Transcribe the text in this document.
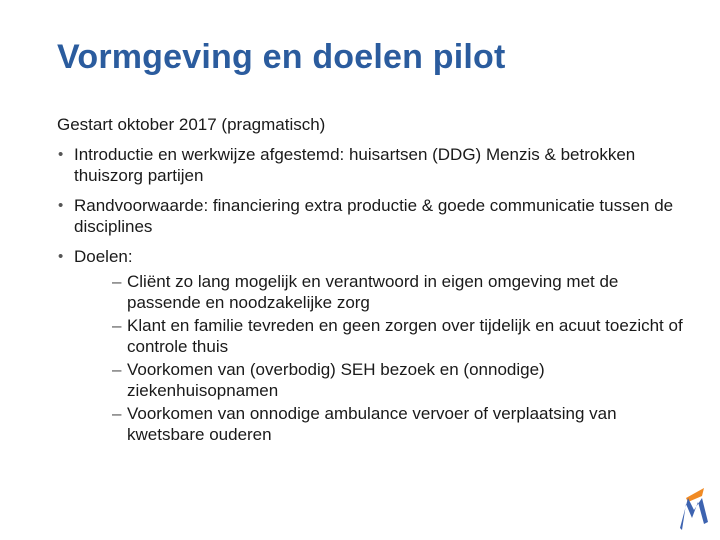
Vormgeving en doelen pilot

Gestart oktober 2017 (pragmatisch)

• Introductie en werkwijze afgestemd: huisartsen (DDG) Menzis & betrokken thuiszorg partijen
• Randvoorwaarde: financiering extra productie & goede communicatie tussen de disciplines
• Doelen:
– Cliënt zo lang mogelijk en verantwoord in eigen omgeving met de passende en noodzakelijke zorg
– Klant en familie tevreden en geen zorgen over tijdelijk en acuut toezicht of controle thuis
– Voorkomen van (overbodig) SEH bezoek en (onnodige) ziekenhuisopnamen
– Voorkomen van onnodige ambulance vervoer of verplaatsing van kwetsbare ouderen
